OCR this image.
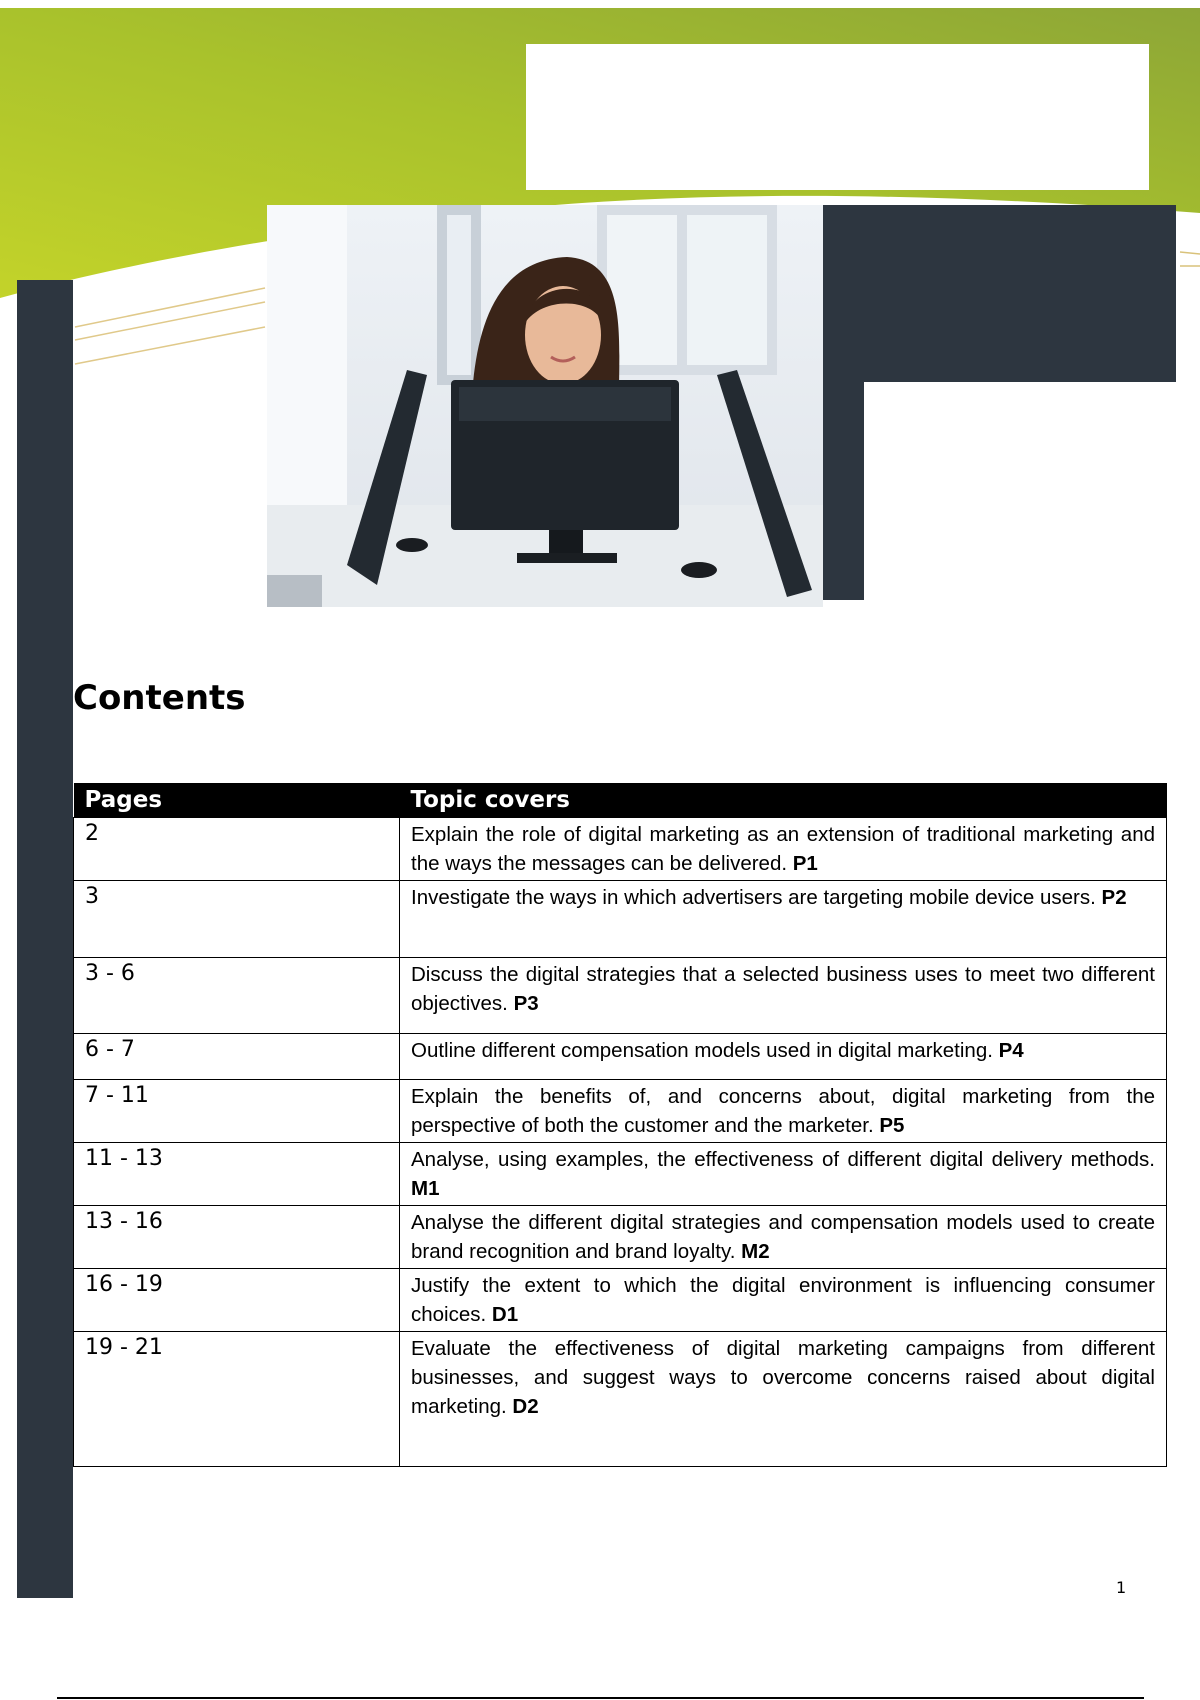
Contents
Pages	Topic covers
2	Explain the role of digital marketing as an extension of traditional marketing and the ways the messages can be delivered. P1
3	Investigate the ways in which advertisers are targeting mobile device users. P2
3 - 6	Discuss the digital strategies that a selected business uses to meet two different objectives. P3
6 - 7	Outline different compensation models used in digital marketing. P4
7 - 11	Explain the benefits of, and concerns about, digital marketing from the perspective of both the customer and the marketer. P5
11 - 13	Analyse, using examples, the effectiveness of different digital delivery methods. M1
13 - 16	Analyse the different digital strategies and compensation models used to create brand recognition and brand loyalty. M2
16 - 19	Justify the extent to which the digital environment is influencing consumer choices. D1
19 - 21	Evaluate the effectiveness of digital marketing campaigns from different businesses, and suggest ways to overcome concerns raised about digital marketing. D2
1
